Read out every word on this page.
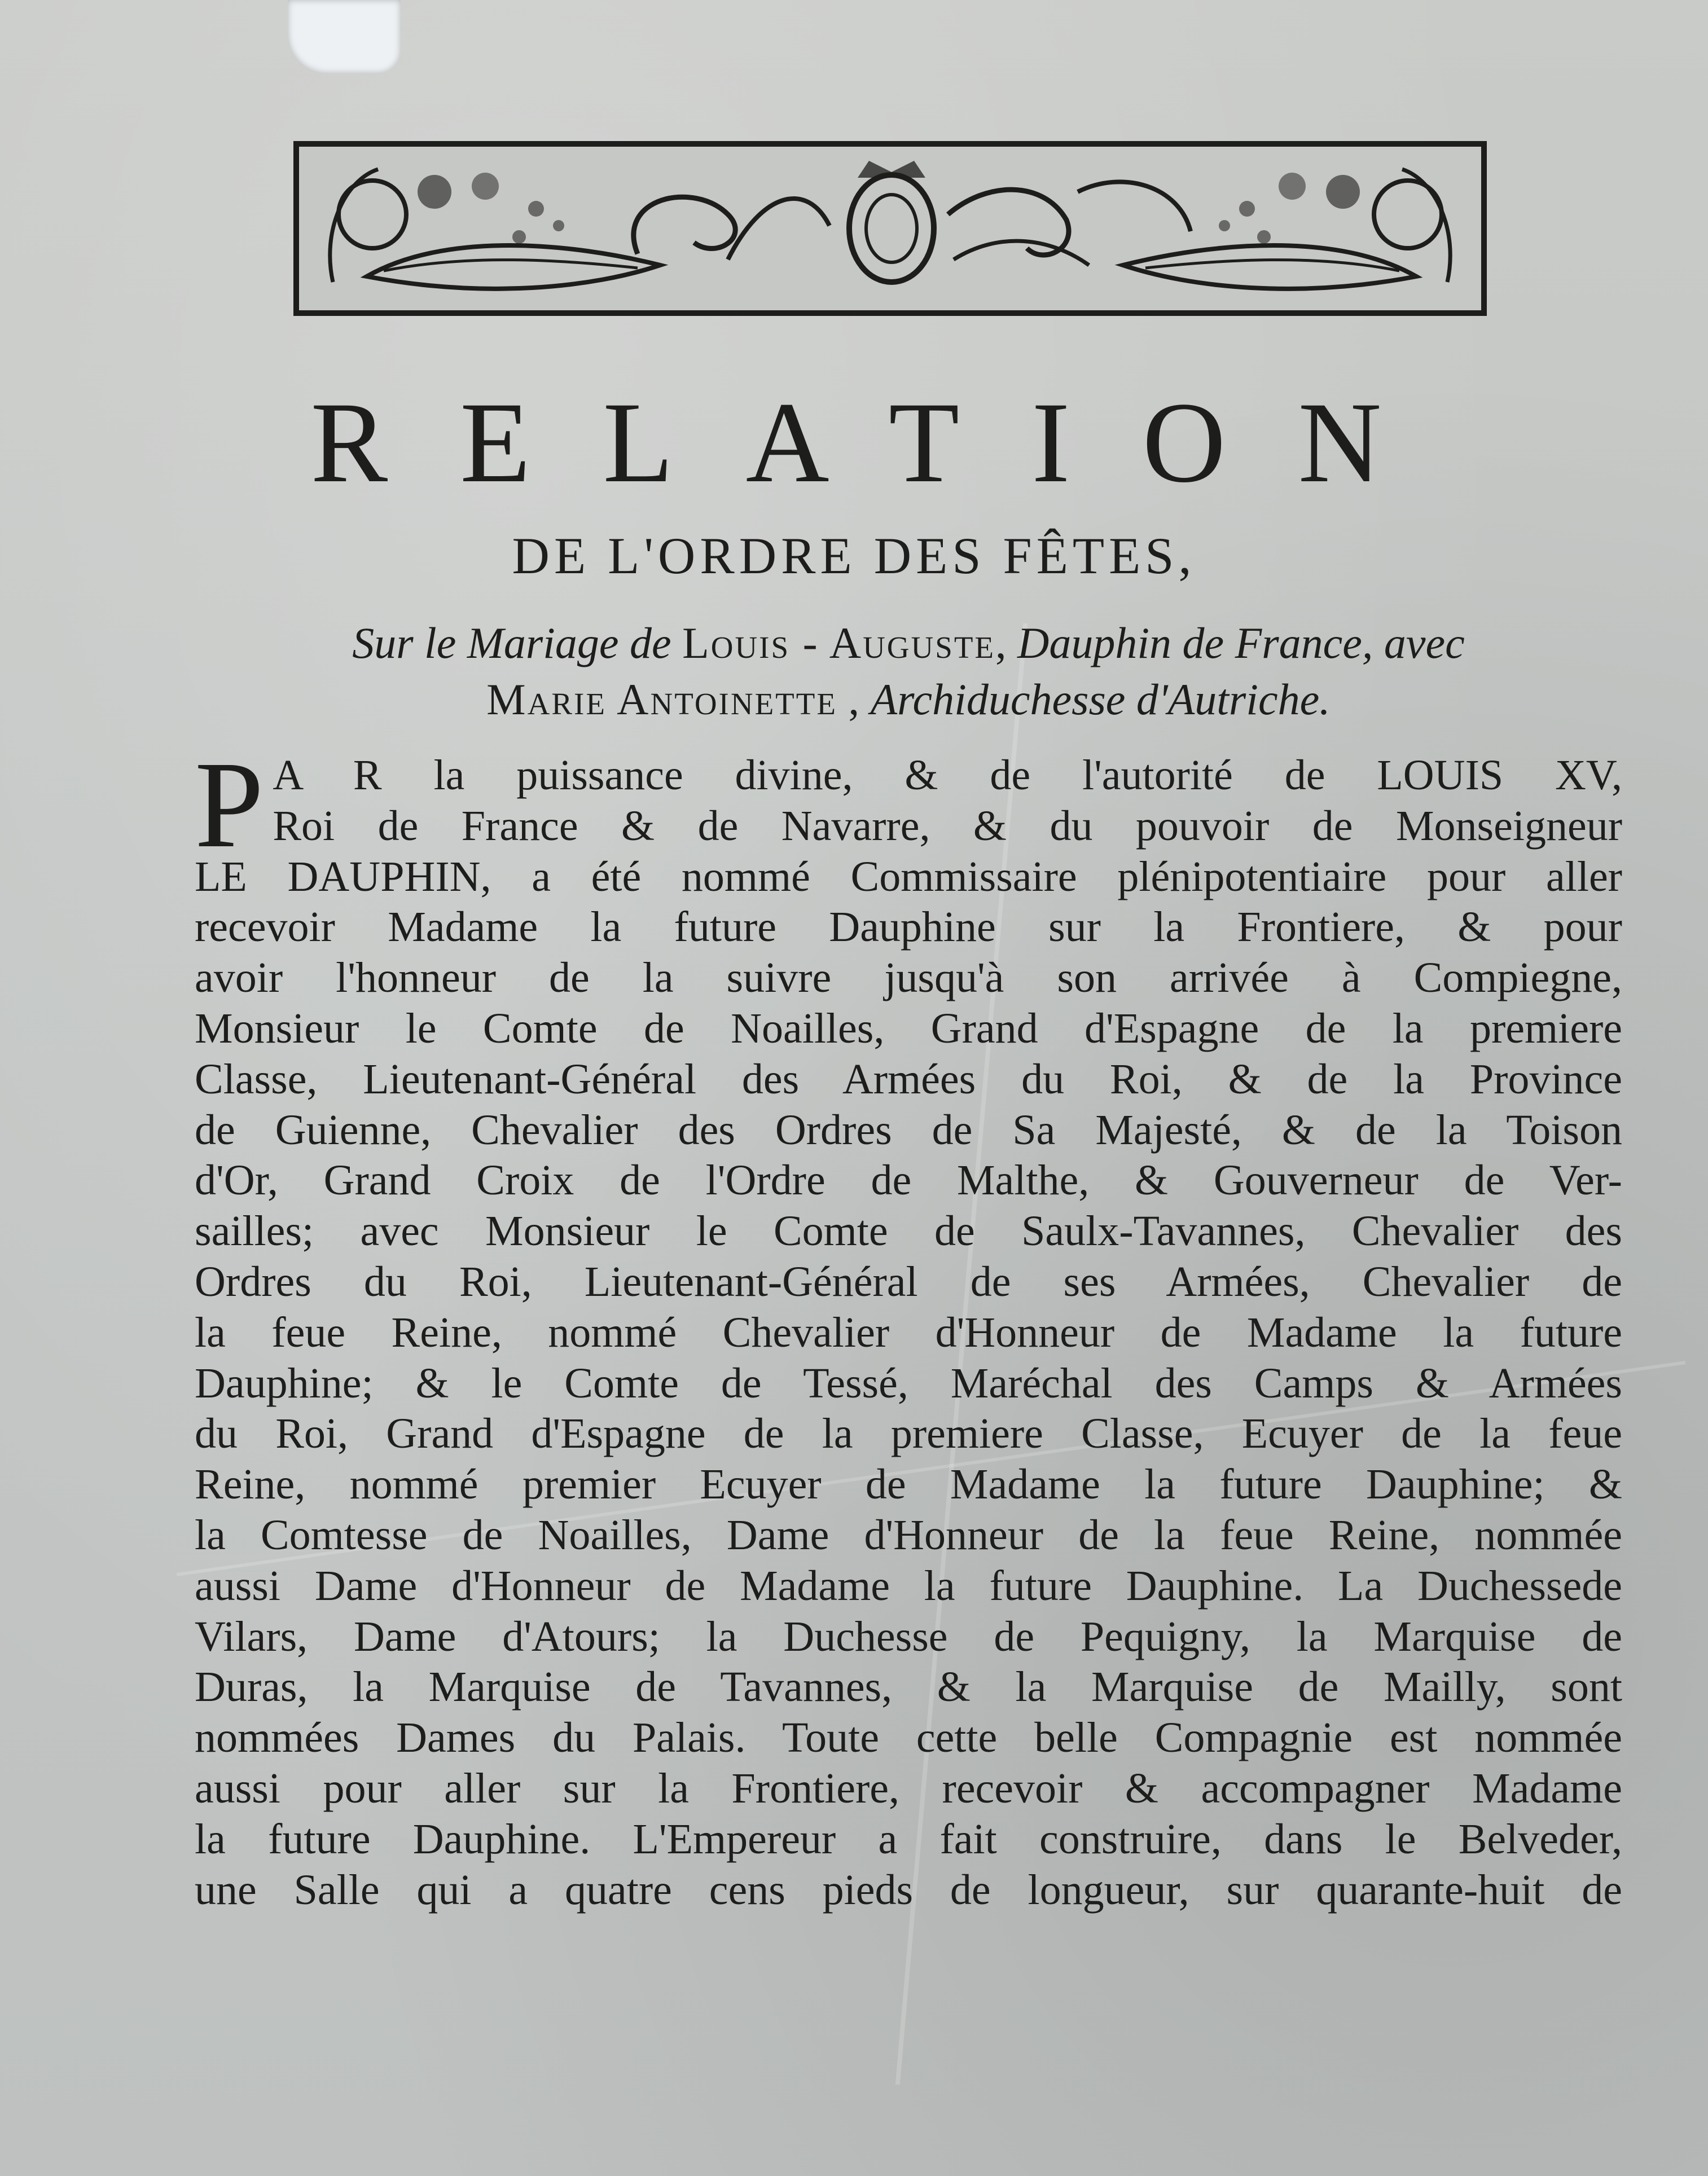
RELATION
DE L'ORDRE DES FÊTES,
Sur le Mariage de Louis - Auguste, Dauphin de France, avec
Marie Antoinette , Archiduchesse d'Autriche.
P A R la puissance divine, & de l'autorité de LOUIS XV,
Roi de France & de Navarre, & du pouvoir de Monseigneur
LE DAUPHIN, a été nommé Commissaire plénipotentiaire pour aller
recevoir Madame la future Dauphine sur la Frontiere, & pour
avoir l'honneur de la suivre jusqu'à son arrivée à Compiegne,
Monsieur le Comte de Noailles, Grand d'Espagne de la premiere
Classe, Lieutenant-Général des Armées du Roi, & de la Province
de Guienne, Chevalier des Ordres de Sa Majesté, & de la Toison
d'Or, Grand Croix de l'Ordre de Malthe, & Gouverneur de Ver-
sailles; avec Monsieur le Comte de Saulx-Tavannes, Chevalier des
Ordres du Roi, Lieutenant-Général de ses Armées, Chevalier de
la feue Reine, nommé Chevalier d'Honneur de Madame la future
Dauphine; & le Comte de Tessé, Maréchal des Camps & Armées
du Roi, Grand d'Espagne de la premiere Classe, Ecuyer de la feue
Reine, nommé premier Ecuyer de Madame la future Dauphine; &
la Comtesse de Noailles, Dame d'Honneur de la feue Reine, nommée
aussi Dame d'Honneur de Madame la future Dauphine. La Duchessede
Vilars, Dame d'Atours; la Duchesse de Pequigny, la Marquise de
Duras, la Marquise de Tavannes, & la Marquise de Mailly, sont
nommées Dames du Palais. Toute cette belle Compagnie est nommée
aussi pour aller sur la Frontiere, recevoir & accompagner Madame
la future Dauphine. L'Empereur a fait construire, dans le Belveder,
une Salle qui a quatre cens pieds de longueur, sur quarante-huit de
